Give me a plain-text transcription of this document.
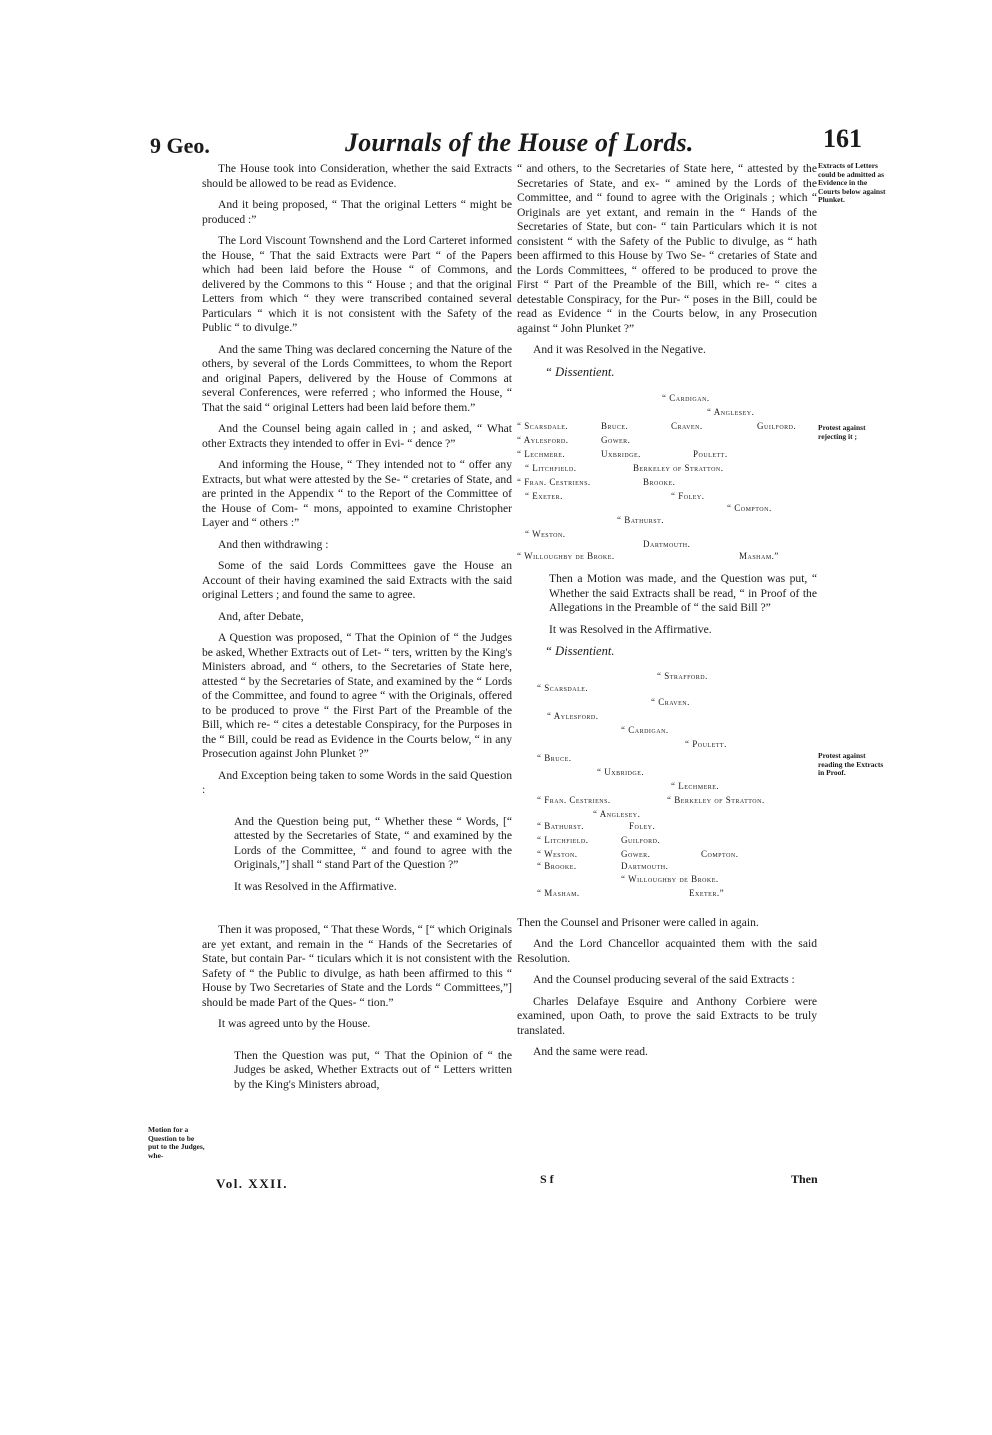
9 Geo.	Journals of the House of Lords.	161
Extracts of Letters could be admitted as Evidence in the Courts below against Plunket.
Protest against rejecting it ;
Protest against reading the Extracts in Proof.
Motion for a Question to be put to the Judges, whe-

The House took into Consideration, whether the said Extracts should be allowed to be read as Evidence.

And it being proposed, “ That the original Letters “ might be produced :”

The Lord Viscount Townshend and the Lord Carteret informed the House, “ That the said Extracts were Part “ of the Papers which had been laid before the House “ of Commons, and delivered by the Commons to this “ House ; and that the original Letters from which “ they were transcribed contained several Particulars “ which it is not consistent with the Safety of the Public “ to divulge.”

And the same Thing was declared concerning the Nature of the others, by several of the Lords Committees, to whom the Report and original Papers, delivered by the House of Commons at several Conferences, were referred ; who informed the House, “ That the said “ original Letters had been laid before them.”

And the Counsel being again called in ; and asked, “ What other Extracts they intended to offer in Evi- “ dence ?”

And informing the House, “ They intended not to “ offer any Extracts, but what were attested by the Se- “ cretaries of State, and are printed in the Appendix “ to the Report of the Committee of the House of Com- “ mons, appointed to examine Christopher Layer and “ others :”

And then withdrawing :

Some of the said Lords Committees gave the House an Account of their having examined the said Extracts with the said original Letters ; and found the same to agree.

And, after Debate,

A Question was proposed, “ That the Opinion of “ the Judges be asked, Whether Extracts out of Let- “ ters, written by the King's Ministers abroad, and “ others, to the Secretaries of State here, attested “ by the Secretaries of State, and examined by the “ Lords of the Committee, and found to agree “ with the Originals, offered to be produced to prove “ the First Part of the Preamble of the Bill, which re- “ cites a detestable Conspiracy, for the Purposes in the “ Bill, could be read as Evidence in the Courts below, “ in any Prosecution against John Plunket ?”

And Exception being taken to some Words in the said Question :

And the Question being put, “ Whether these “ Words, [“ attested by the Secretaries of State, “ and examined by the Lords of the Committee, “ and found to agree with the Originals,”] shall “ stand Part of the Question ?”

It was Resolved in the Affirmative.

Then it was proposed, “ That these Words, “ [“ which Originals are yet extant, and remain in the “ Hands of the Secretaries of State, but contain Par- “ ticulars which it is not consistent with the Safety of “ the Public to divulge, as hath been affirmed to this “ House by Two Secretaries of State and the Lords “ Committees,”] should be made Part of the Ques- “ tion.”

It was agreed unto by the House.

Then the Question was put, “ That the Opinion of “ the Judges be asked, Whether Extracts out of “ Letters written by the King's Ministers abroad,

“ and others, to the Secretaries of State here, “ attested by the Secretaries of State, and ex- “ amined by the Lords of the Committee, and “ found to agree with the Originals ; which “ Originals are yet extant, and remain in the “ Hands of the Secretaries of State, but con- “ tain Particulars which it is not consistent “ with the Safety of the Public to divulge, as “ hath been affirmed to this House by Two Se- “ cretaries of State and the Lords Committees, “ offered to be produced to prove the First “ Part of the Preamble of the Bill, which re- “ cites a detestable Conspiracy, for the Pur- “ poses in the Bill, could be read as Evidence “ in the Courts below, in any Prosecution against “ John Plunket ?”

And it was Resolved in the Negative.

“ Dissentient.
“ Cardigan.
“ Anglesey.
“ Scarsdale.	Bruce.	Craven.	Guilford.
“ Aylesford.	Gower.
“ Lechmere.	Uxbridge.	Poulett.
“ Litchfield.	Berkeley of Stratton.
“ Fran. Cestriens.	Brooke.
“ Exeter.	“ Foley.
“ Compton.
“ Bathurst.
“ Weston.
Dartmouth.
“ Willoughby de Broke.	Masham.”

Then a Motion was made, and the Question was put, “ Whether the said Extracts shall be read, “ in Proof of the Allegations in the Preamble of “ the said Bill ?”

It was Resolved in the Affirmative.

“ Dissentient.
“ Strafford.
“ Scarsdale.
“ Craven.
“ Aylesford.
“ Cardigan.
“ Poulett.
“ Bruce.
“ Uxbridge.
“ Lechmere.
“ Fran. Cestriens.	“ Berkeley of Stratton.
“ Anglesey.
“ Bathurst.	Foley.
“ Litchfield.	Guilford.
“ Weston.	Gower.	Compton.
“ Brooke.	Dartmouth.
“ Willoughby de Broke.
“ Masham.	Exeter.”

Then the Counsel and Prisoner were called in again.

And the Lord Chancellor acquainted them with the said Resolution.

And the Counsel producing several of the said Extracts :

Charles Delafaye Esquire and Anthony Corbiere were examined, upon Oath, to prove the said Extracts to be truly translated.

And the same were read.

Vol. XXII.	S f	Then
